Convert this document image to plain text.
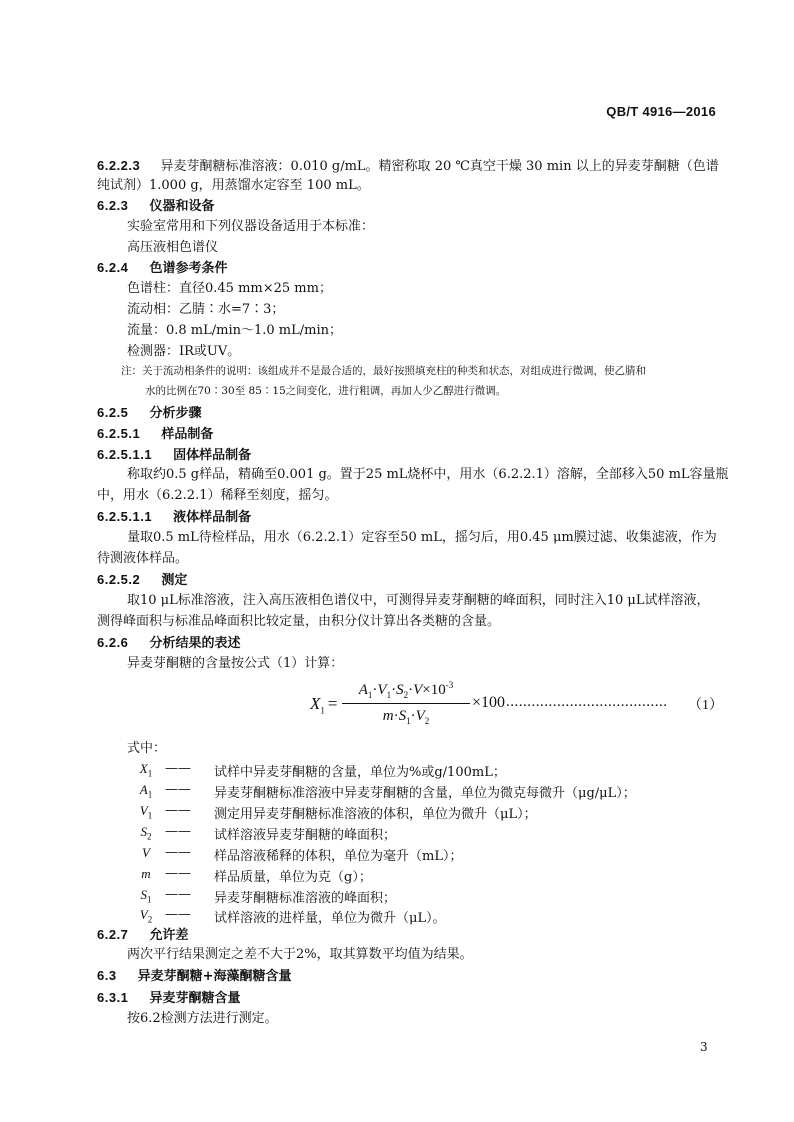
QB/T 4916—2016
6.2.2.3 异麦芽酮糖标准溶液：0.010 g/mL。精密称取 20 ℃真空干燥 30 min 以上的异麦芽酮糖（色谱
纯试剂）1.000 g，用蒸馏水定容至 100 mL。
6.2.3 仪器和设备
实验室常用和下列仪器设备适用于本标准：
高压液相色谱仪
6.2.4 色谱参考条件
色谱柱：直径0.45 mm×25 mm；
流动相：乙腈∶水=7∶3；
流量：0.8 mL/min～1.0 mL/min；
检测器：IR或UV。
注：关于流动相条件的说明：该组成并不是最合适的，最好按照填充柱的种类和状态，对组成进行微调，使乙腈和
水的比例在70∶30至 85∶15之间变化，进行粗调，再加人少乙醇进行微调。
6.2.5 分析步骤
6.2.5.1 样品制备
6.2.5.1.1 固体样品制备
称取约0.5 g样品，精确至0.001 g。置于25 mL烧杯中，用水（6.2.2.1）溶解，全部移入50 mL容量瓶
中，用水（6.2.2.1）稀释至刻度，摇匀。
6.2.5.1.1 液体样品制备
量取0.5 mL待检样品，用水（6.2.2.1）定容至50 mL，摇匀后，用0.45 μm膜过滤、收集滤液，作为
待测液体样品。
6.2.5.2 测定
取10 μL标准溶液，注入高压液相色谱仪中，可测得异麦芽酮糖的峰面积，同时注入10 μL试样溶液，
测得峰面积与标准品峰面积比较定量，由积分仪计算出各类糖的含量。
6.2.6 分析结果的表述
异麦芽酮糖的含量按公式（1）计算：
$X_1$ =
$A_1\cdot V_1\cdot S_2\cdot V\times 10^{-3}$
$m\cdot S_1\cdot V_2$
×100 ...................................... （1）
式中：
$X_1$ —— 试样中异麦芽酮糖的含量，单位为%或g/100mL；
$A_1$ —— 异麦芽酮糖标准溶液中异麦芽酮糖的含量，单位为微克每微升（μg/μL）；
$V_1$ —— 测定用异麦芽酮糖标准溶液的体积，单位为微升（μL）；
$S_2$	—— 试样溶液异麦芽酮糖的峰面积；
V	—— 样品溶液稀释的体积，单位为毫升（mL）；
m	—— 样品质量，单位为克（g）；
$S_1$	—— 异麦芽酮糖标准溶液的峰面积；
$V_2$ —— 试样溶液的进样量，单位为微升（μL）。
6.2.7 允许差
两次平行结果测定之差不大于2%，取其算数平均值为结果。
6.3 异麦芽酮糖+海藻酮糖含量
6.3.1 异麦芽酮糖含量
按6.2检测方法进行测定。
3
